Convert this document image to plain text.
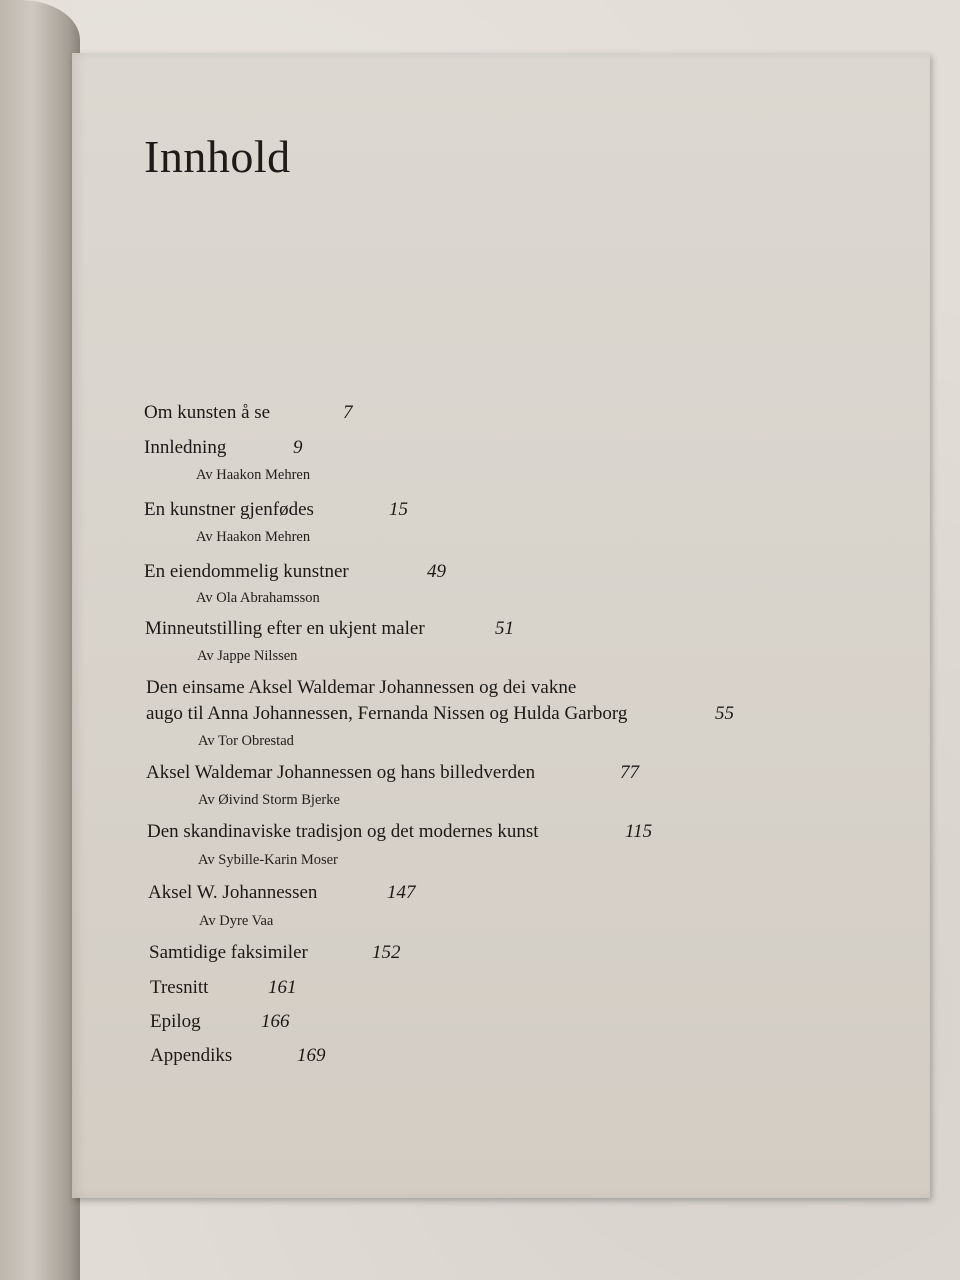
Innhold
Om kunsten å se	7
Innledning	9
Av Haakon Mehren
En kunstner gjenfødes	15
Av Haakon Mehren
En eiendommelig kunstner	49
Av Ola Abrahamsson
Minneutstilling efter en ukjent maler	51
Av Jappe Nilssen
Den einsame Aksel Waldemar Johannessen og dei vakne
augo til Anna Johannessen, Fernanda Nissen og Hulda Garborg	55
Av Tor Obrestad
Aksel Waldemar Johannessen og hans billedverden	77
Av Øivind Storm Bjerke
Den skandinaviske tradisjon og det modernes kunst	115
Av Sybille-Karin Moser
Aksel W. Johannessen	147
Av Dyre Vaa
Samtidige faksimiler	152
Tresnitt	161
Epilog	166
Appendiks	169
